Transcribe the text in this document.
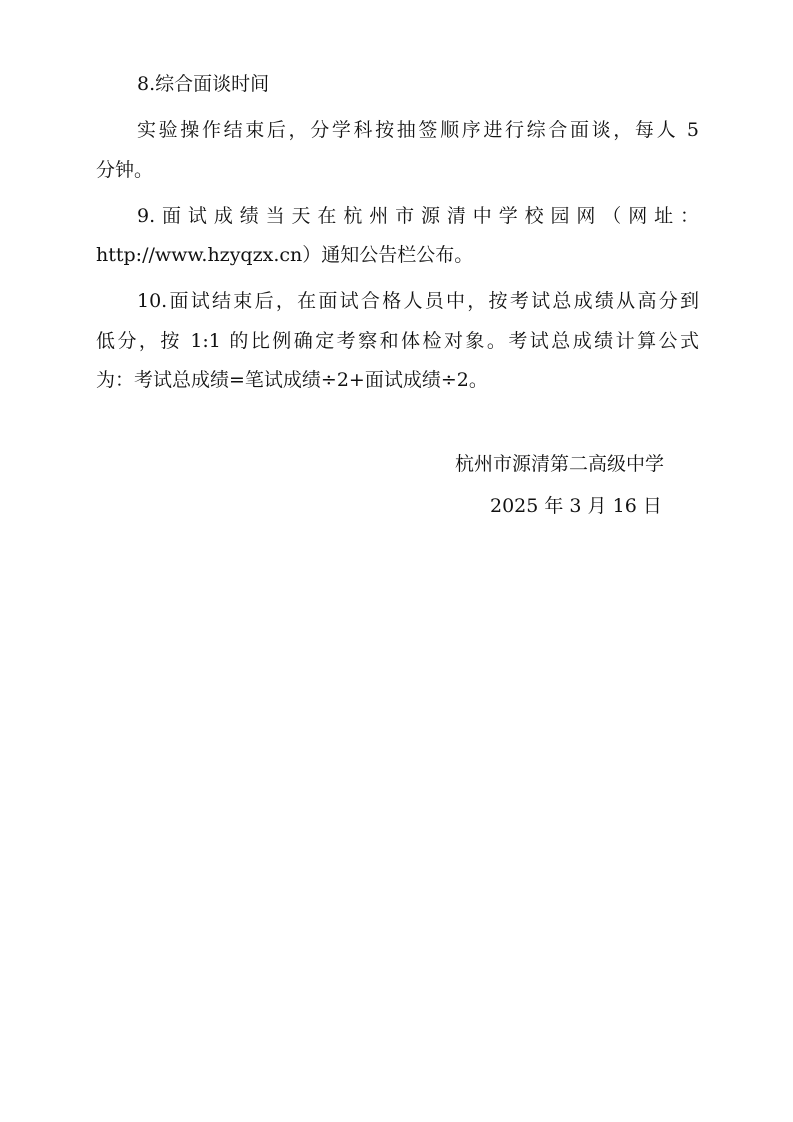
8.综合面谈时间
实验操作结束后，分学科按抽签顺序进行综合面谈，每人 5
分钟。
9.面试成绩当天在杭州市源清中学校园网（网址：
http://www.hzyqzx.cn）通知公告栏公布。
10.面试结束后，在面试合格人员中，按考试总成绩从高分到
低分，按 1:1 的比例确定考察和体检对象。考试总成绩计算公式
为：考试总成绩=笔试成绩÷2+面试成绩÷2。
杭州市源清第二高级中学
2025 年 3 月 16 日
